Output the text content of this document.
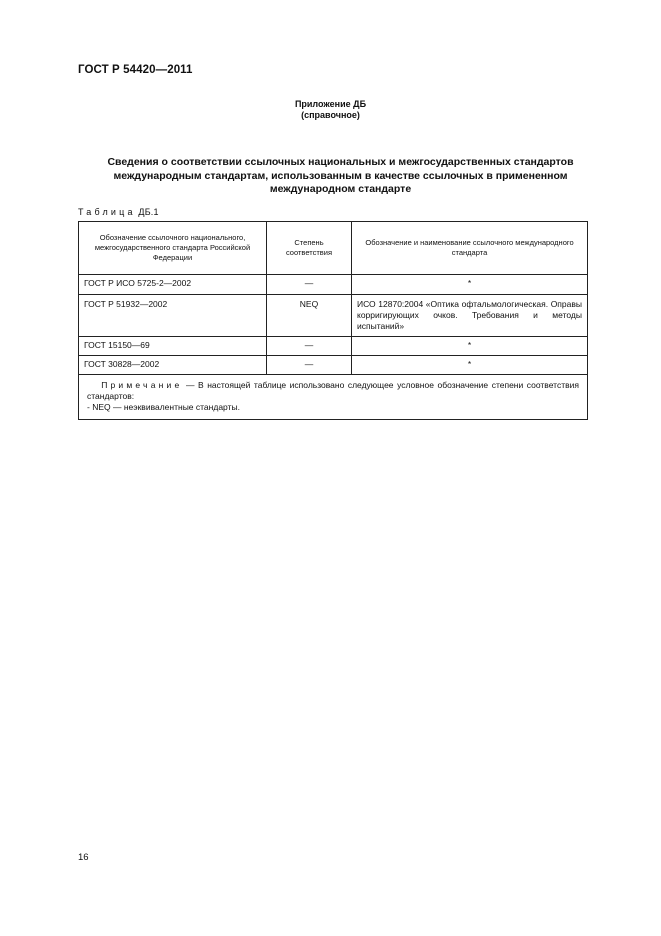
ГОСТ Р 54420—2011
Приложение ДБ
(справочное)
Сведения о соответствии ссылочных национальных и межгосударственных стандартов
международным стандартам, использованным в качестве ссылочных в примененном
международном стандарте
Таблица ДБ.1
Обозначение ссылочного национального, межгосударственного стандарта Российской Федерации	Степень соответствия	Обозначение и наименование ссылочного международного стандарта
ГОСТ Р ИСО 5725-2—2002	—	*
ГОСТ Р 51932—2002	NEQ	ИСО 12870:2004 «Оптика офтальмологическая. Оправы корригирующих очков. Требования и методы испытаний»
ГОСТ 15150—69	—	*
ГОСТ 30828—2002	—	*

Примечание — В настоящей таблице использовано следующее условное обозначение степени соответствия стандартов:
- NEQ — неэквивалентные стандарты.		
16
